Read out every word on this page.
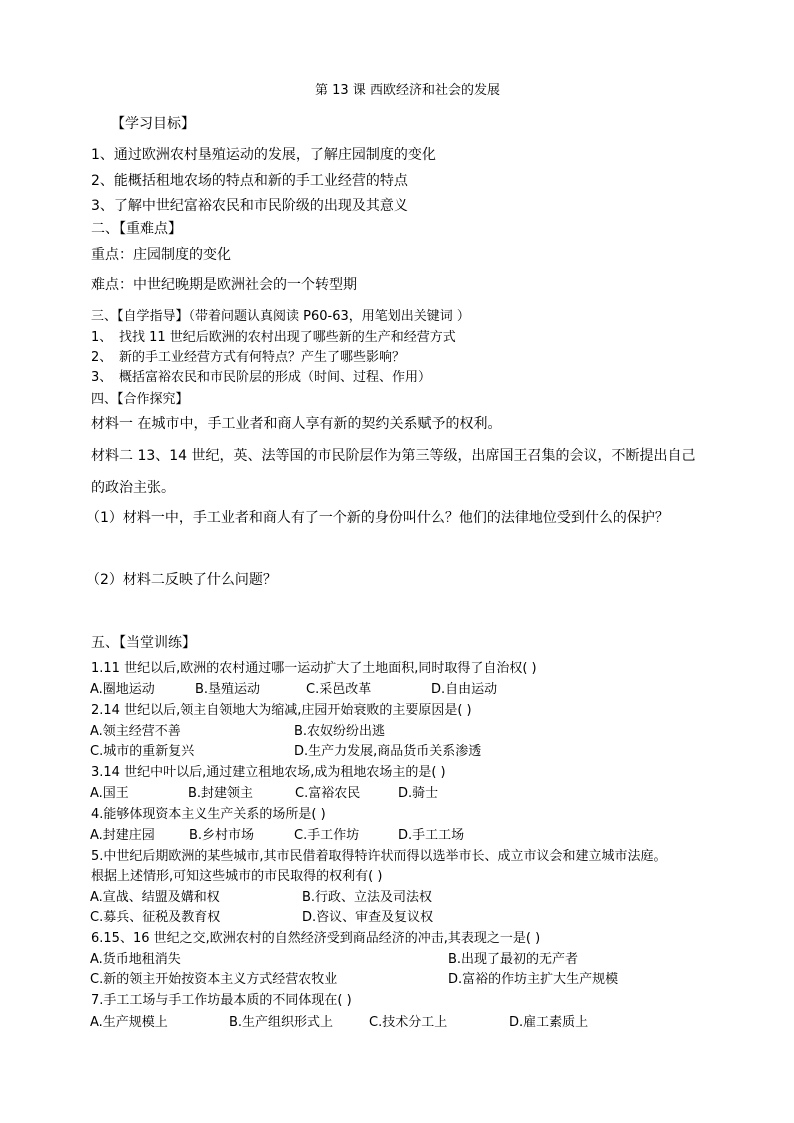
第 13 课 西欧经济和社会的发展
【学习目标】
1、通过欧洲农村垦殖运动的发展，了解庄园制度的变化
2、能概括租地农场的特点和新的手工业经营的特点
3、了解中世纪富裕农民和市民阶级的出现及其意义
二、【重难点】
重点：庄园制度的变化
难点：中世纪晚期是欧洲社会的一个转型期
三、【自学指导】（带着问题认真阅读 P60-63，用笔划出关键词 ）
1、 找找 11 世纪后欧洲的农村出现了哪些新的生产和经营方式
2、 新的手工业经营方式有何特点？产生了哪些影响？
3、 概括富裕农民和市民阶层的形成（时间、过程、作用）
四、【合作探究】
材料一 在城市中，手工业者和商人享有新的契约关系赋予的权利。
材料二 13、14 世纪，英、法等国的市民阶层作为第三等级，出席国王召集的会议，不断提出自己
的政治主张。
（1）材料一中，手工业者和商人有了一个新的身份叫什么？他们的法律地位受到什么的保护？
（2）材料二反映了什么问题？
五、【当堂训练】
1.11 世纪以后,欧洲的农村通过哪一运动扩大了土地面积,同时取得了自治权( )
A.圈地运动	B.垦殖运动	C.采邑改革	D.自由运动
2.14 世纪以后,领主自领地大为缩减,庄园开始衰败的主要原因是( )
A.领主经营不善	B.农奴纷纷出逃
C.城市的重新复兴	D.生产力发展,商品货币关系渗透
3.14 世纪中叶以后,通过建立租地农场,成为租地农场主的是( )
A.国王	B.封建领主	C.富裕农民	D.骑士
4.能够体现资本主义生产关系的场所是( )
A.封建庄园	B.乡村市场	C.手工作坊	D.手工工场
5.中世纪后期欧洲的某些城市,其市民借着取得特许状而得以选举市长、成立市议会和建立城市法庭。
根据上述情形,可知这些城市的市民取得的权利有( )
A.宣战、结盟及媾和权	B.行政、立法及司法权
C.募兵、征税及教育权	D.咨议、审查及复议权
6.15、16 世纪之交,欧洲农村的自然经济受到商品经济的冲击,其表现之一是( )
A.货币地租消失	B.出现了最初的无产者
C.新的领主开始按资本主义方式经营农牧业	D.富裕的作坊主扩大生产规模
7.手工工场与手工作坊最本质的不同体现在( )
A.生产规模上	B.生产组织形式上	C.技术分工上	D.雇工素质上
